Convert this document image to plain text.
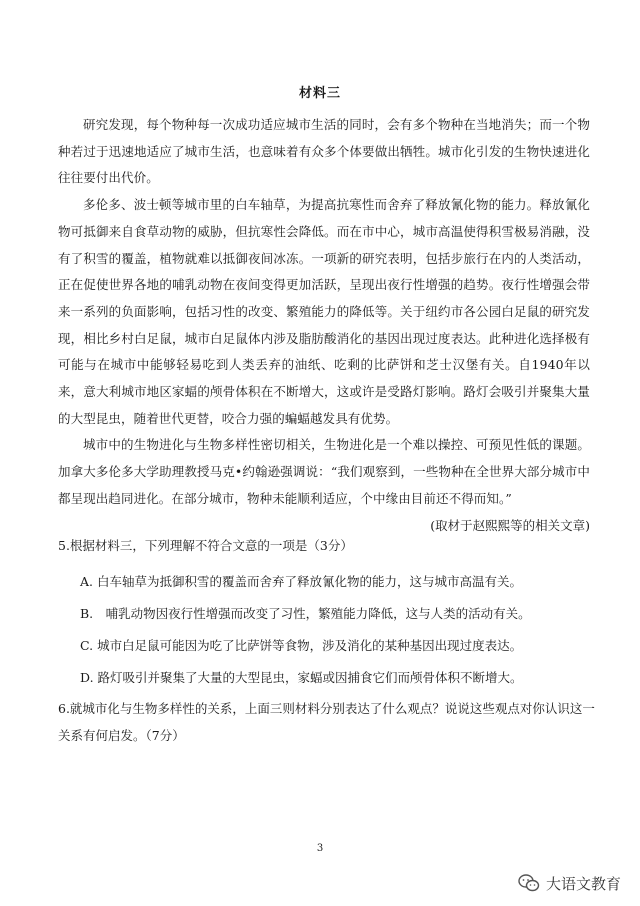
材料三

研究发现，每个物种每一次成功适应城市生活的同时，会有多个物种在当地消失；而一个物种若过于迅速地适应了城市生活，也意味着有众多个体要做出牺牲。城市化引发的生物快速进化往往要付出代价。

多伦多、波士顿等城市里的白车轴草，为提高抗寒性而舍弃了释放氰化物的能力。释放氰化物可抵御来自食草动物的威胁，但抗寒性会降低。而在市中心，城市高温使得积雪极易消融，没有了积雪的覆盖，植物就难以抵御夜间冰冻。一项新的研究表明，包括步旅行在内的人类活动，正在促使世界各地的哺乳动物在夜间变得更加活跃，呈现出夜行性增强的趋势。夜行性增强会带来一系列的负面影响，包括习性的改变、繁殖能力的降低等。关于纽约市各公园白足鼠的研究发现，相比乡村白足鼠，城市白足鼠体内涉及脂肪酸消化的基因出现过度表达。此种进化选择极有可能与在城市中能够轻易吃到人类丢弃的油纸、吃剩的比萨饼和芝士汉堡有关。自1940年以来，意大利城市地区家蝠的颅骨体积在不断增大，这或许是受路灯影响。路灯会吸引并聚集大量的大型昆虫，随着世代更替，咬合力强的蝙蝠越发具有优势。

城市中的生物进化与生物多样性密切相关，生物进化是一个难以操控、可预见性低的课题。加拿大多伦多大学助理教授马克•约翰逊强调说：“我们观察到，一些物种在全世界大部分城市中都呈现出趋同进化。在部分城市，物种未能顺利适应，个中缘由目前还不得而知。”

(取材于赵熙熙等的相关文章)

5.根据材料三，下列理解不符合文意的一项是（3分）

A. 白车轴草为抵御积雪的覆盖而舍弃了释放氰化物的能力，这与城市高温有关。

B.　哺乳动物因夜行性增强而改变了习性，繁殖能力降低，这与人类的活动有关。

C. 城市白足鼠可能因为吃了比萨饼等食物，涉及消化的某种基因出现过度表达。

D. 路灯吸引并聚集了大量的大型昆虫，家蝠或因捕食它们而颅骨体积不断增大。

6.就城市化与生物多样性的关系，上面三则材料分别表达了什么观点？说说这些观点对你认识这一关系有何启发。（7分）

3
大语文教育
